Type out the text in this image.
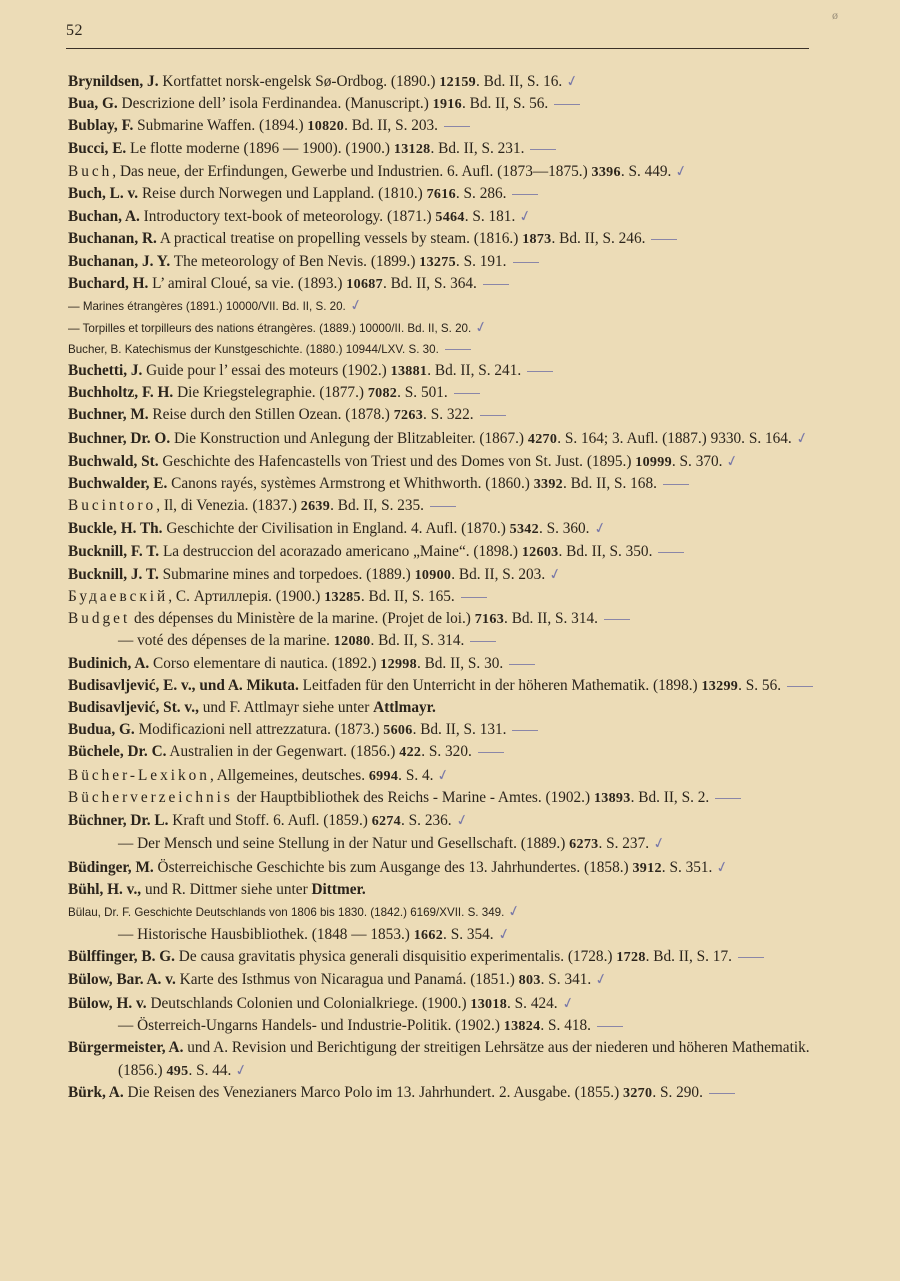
52
ø

Brynildsen, J. Kortfattet norsk-engelsk Sø-Ordbog. (1890.) 12159. Bd. II, S. 16. ✓

Bua, G. Descrizione dell’ isola Ferdinandea. (Manuscript.) 1916. Bd. II, S. 56.

Bublay, F. Submarine Waffen. (1894.) 10820. Bd. II, S. 203.

Bucci, E. Le flotte moderne (1896 — 1900). (1900.) 13128. Bd. II, S. 231.

Buch, Das neue, der Erfindungen, Gewerbe und Industrien. 6. Aufl. (1873—1875.) 3396. S. 449. ✓

Buch, L. v. Reise durch Norwegen und Lappland. (1810.) 7616. S. 286.

Buchan, A. Introductory text-book of meteorology. (1871.) 5464. S. 181. ✓

Buchanan, R. A practical treatise on propelling vessels by steam. (1816.) 1873. Bd. II, S. 246.

Buchanan, J. Y. The meteorology of Ben Nevis. (1899.) 13275. S. 191.

Buchard, H. L’ amiral Cloué, sa vie. (1893.) 10687. Bd. II, S. 364.

— Marines étrangères (1891.) 10000/VII. Bd. II, S. 20. ✓

— Torpilles et torpilleurs des nations étrangères. (1889.) 10000/II. Bd. II, S. 20. ✓

Bucher, B. Katechismus der Kunstgeschichte. (1880.) 10944/LXV. S. 30.

Buchetti, J. Guide pour l’ essai des moteurs (1902.) 13881. Bd. II, S. 241.

Buchholtz, F. H. Die Kriegstelegraphie. (1877.) 7082. S. 501.

Buchner, M. Reise durch den Stillen Ozean. (1878.) 7263. S. 322.

Buchner, Dr. O. Die Konstruction und Anlegung der Blitzableiter. (1867.) 4270. S. 164; 3. Aufl. (1887.) 9330. S. 164. ✓

Buchwald, St. Geschichte des Hafencastells von Triest und des Domes von St. Just. (1895.) 10999. S. 370. ✓

Buchwalder, E. Canons rayés, systèmes Armstrong et Whithworth. (1860.) 3392. Bd. II, S. 168.

Bucintoro, Il, di Venezia. (1837.) 2639. Bd. II, S. 235.

Buckle, H. Th. Geschichte der Civilisation in England. 4. Aufl. (1870.) 5342. S. 360. ✓

Bucknill, F. T. La destruccion del acorazado americano „Maine“. (1898.) 12603. Bd. II, S. 350.

Bucknill, J. T. Submarine mines and torpedoes. (1889.) 10900. Bd. II, S. 203. ✓

Будаевскій, С. Артиллерія. (1900.) 13285. Bd. II, S. 165.

Budget des dépenses du Ministère de la marine. (Projet de loi.) 7163. Bd. II, S. 314.

— voté des dépenses de la marine. 12080. Bd. II, S. 314.

Budinich, A. Corso elementare di nautica. (1892.) 12998. Bd. II, S. 30.

Budisavljević, E. v., und A. Mikuta. Leitfaden für den Unterricht in der höheren Mathematik. (1898.) 13299. S. 56.

Budisavljević, St. v., und F. Attlmayr siehe unter Attlmayr.

Budua, G. Modificazioni nell attrezzatura. (1873.) 5606. Bd. II, S. 131.

Büchele, Dr. C. Australien in der Gegenwart. (1856.) 422. S. 320.

Bücher-Lexikon, Allgemeines, deutsches. 6994. S. 4. ✓

Bücherverzeichnis der Hauptbibliothek des Reichs - Marine - Amtes. (1902.) 13893. Bd. II, S. 2.

Büchner, Dr. L. Kraft und Stoff. 6. Aufl. (1859.) 6274. S. 236. ✓

— Der Mensch und seine Stellung in der Natur und Gesellschaft. (1889.) 6273. S. 237. ✓

Büdinger, M. Österreichische Geschichte bis zum Ausgange des 13. Jahrhundertes. (1858.) 3912. S. 351. ✓

Bühl, H. v., und R. Dittmer siehe unter Dittmer.

Bülau, Dr. F. Geschichte Deutschlands von 1806 bis 1830. (1842.) 6169/XVII. S. 349. ✓

— Historische Hausbibliothek. (1848 — 1853.) 1662. S. 354. ✓

Bülffinger, B. G. De causa gravitatis physica generali disquisitio experimentalis. (1728.) 1728. Bd. II, S. 17.

Bülow, Bar. A. v. Karte des Isthmus von Nicaragua und Panamá. (1851.) 803. S. 341. ✓

Bülow, H. v. Deutschlands Colonien und Colonialkriege. (1900.) 13018. S. 424. ✓

— Österreich-Ungarns Handels- und Industrie-Politik. (1902.) 13824. S. 418.

Bürgermeister, A. und A. Revision und Berichtigung der streitigen Lehrsätze aus der niederen und höheren Mathematik. (1856.) 495. S. 44. ✓

Bürk, A. Die Reisen des Venezianers Marco Polo im 13. Jahrhundert. 2. Ausgabe. (1855.) 3270. S. 290.
